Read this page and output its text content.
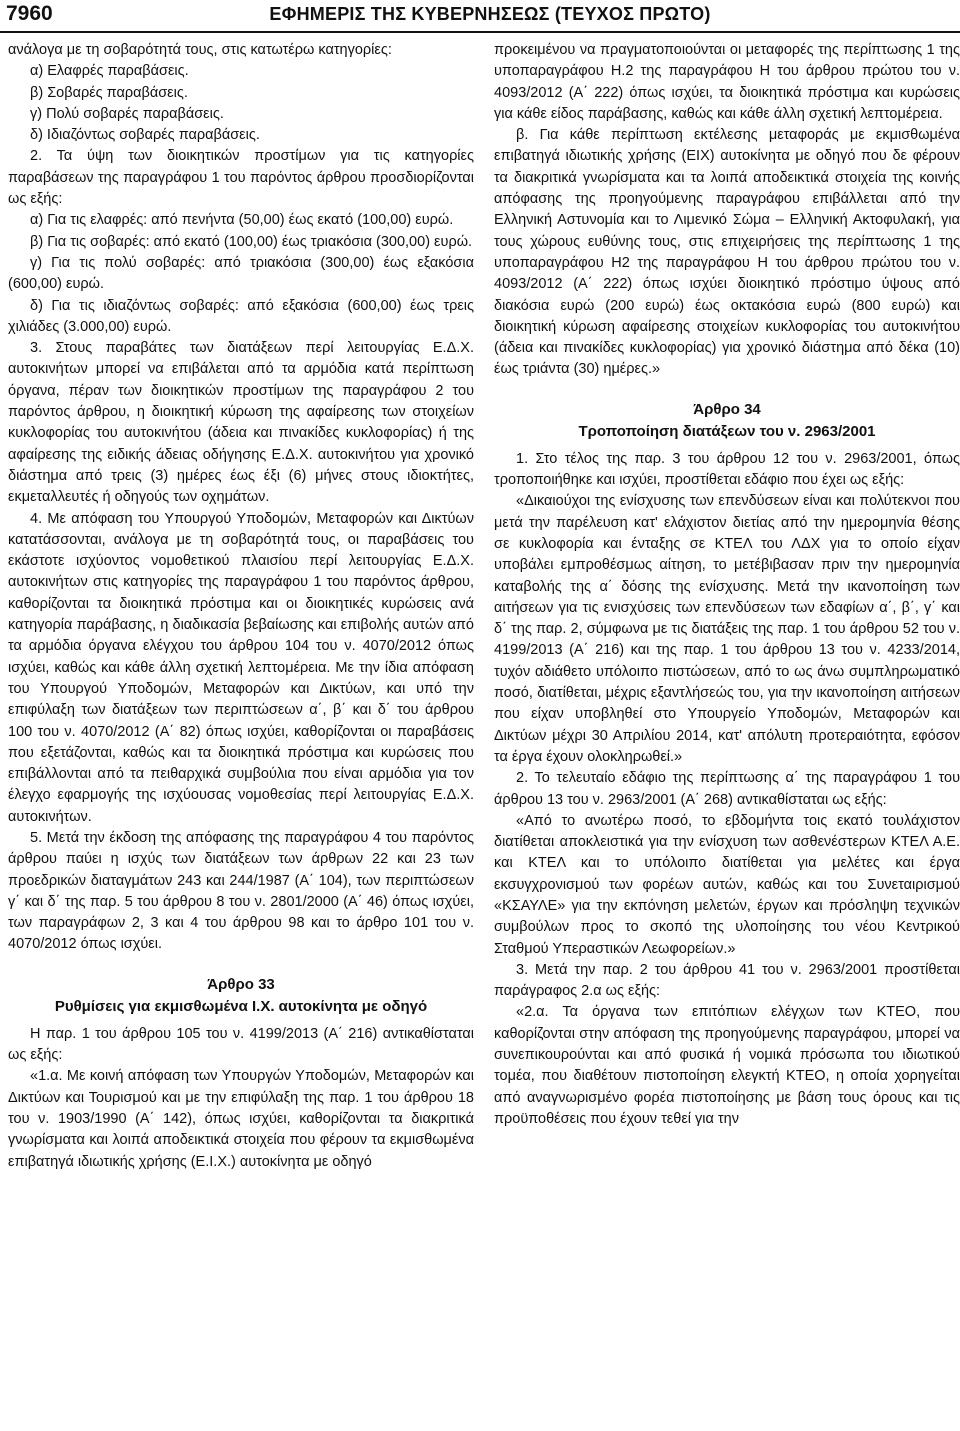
7960	ΕΦΗΜΕΡΙΣ ΤΗΣ ΚΥΒΕΡΝΗΣΕΩΣ (ΤΕΥΧΟΣ ΠΡΩΤΟ)

ανάλογα με τη σοβαρότητά τους, στις κατωτέρω κατηγορίες:

α) Ελαφρές παραβάσεις.

β) Σοβαρές παραβάσεις.

γ) Πολύ σοβαρές παραβάσεις.

δ) Ιδιαζόντως σοβαρές παραβάσεις.

2. Τα ύψη των διοικητικών προστίμων για τις κατηγορίες παραβάσεων της παραγράφου 1 του παρόντος άρθρου προσδιορίζονται ως εξής:

α) Για τις ελαφρές: από πενήντα (50,00) έως εκατό (100,00) ευρώ.

β) Για τις σοβαρές: από εκατό (100,00) έως τριακόσια (300,00) ευρώ.

γ) Για τις πολύ σοβαρές: από τριακόσια (300,00) έως εξακόσια (600,00) ευρώ.

δ) Για τις ιδιαζόντως σοβαρές: από εξακόσια (600,00) έως τρεις χιλιάδες (3.000,00) ευρώ.

3. Στους παραβάτες των διατάξεων περί λειτουργίας Ε.Δ.Χ. αυτοκινήτων μπορεί να επιβάλεται από τα αρμόδια κατά περίπτωση όργανα, πέραν των διοικητικών προστίμων της παραγράφου 2 του παρόντος άρθρου, η διοικητική κύρωση της αφαίρεσης των στοιχείων κυκλοφορίας του αυτοκινήτου (άδεια και πινακίδες κυκλοφορίας) ή της αφαίρεσης της ειδικής άδειας οδήγησης Ε.Δ.Χ. αυτοκινήτου για χρονικό διάστημα από τρεις (3) ημέρες έως έξι (6) μήνες στους ιδιοκτήτες, εκμεταλλευτές ή οδηγούς των οχημάτων.

4. Με απόφαση του Υπουργού Υποδομών, Μεταφορών και Δικτύων κατατάσσονται, ανάλογα με τη σοβαρότητά τους, οι παραβάσεις του εκάστοτε ισχύοντος νομοθετικού πλαισίου περί λειτουργίας Ε.Δ.Χ. αυτοκινήτων στις κατηγορίες της παραγράφου 1 του παρόντος άρθρου, καθορίζονται τα διοικητικά πρόστιμα και οι διοικητικές κυρώσεις ανά κατηγορία παράβασης, η διαδικασία βεβαίωσης και επιβολής αυτών από τα αρμόδια όργανα ελέγχου του άρθρου 104 του ν. 4070/2012 όπως ισχύει, καθώς και κάθε άλλη σχετική λεπτομέρεια. Με την ίδια απόφαση του Υπουργού Υποδομών, Μεταφορών και Δικτύων, και υπό την επιφύλαξη των διατάξεων των περιπτώσεων α΄, β΄ και δ΄ του άρθρου 100 του ν. 4070/2012 (Α΄ 82) όπως ισχύει, καθορίζονται οι παραβάσεις που εξετάζονται, καθώς και τα διοικητικά πρόστιμα και κυρώσεις που επιβάλλονται από τα πειθαρχικά συμβούλια που είναι αρμόδια για τον έλεγχο εφαρμογής της ισχύουσας νομοθεσίας περί λειτουργίας Ε.Δ.Χ. αυτοκινήτων.

5. Μετά την έκδοση της απόφασης της παραγράφου 4 του παρόντος άρθρου παύει η ισχύς των διατάξεων των άρθρων 22 και 23 των προεδρικών διαταγμάτων 243 και 244/1987 (Α΄ 104), των περιπτώσεων γ΄ και δ΄ της παρ. 5 του άρθρου 8 του ν. 2801/2000 (Α΄ 46) όπως ισχύει, των παραγράφων 2, 3 και 4 του άρθρου 98 και το άρθρο 101 του ν. 4070/2012 όπως ισχύει.

Άρθρο 33
Ρυθμίσεις για εκμισθωμένα Ι.Χ. αυτοκίνητα με οδηγό

Η παρ. 1 του άρθρου 105 του ν. 4199/2013 (Α΄ 216) αντικαθίσταται ως εξής:

«1.α. Με κοινή απόφαση των Υπουργών Υποδομών, Μεταφορών και Δικτύων και Τουρισμού και με την επιφύλαξη της παρ. 1 του άρθρου 18 του ν. 1903/1990 (Α΄ 142), όπως ισχύει, καθορίζονται τα διακριτικά γνωρίσματα και λοιπά αποδεικτικά στοιχεία που φέρουν τα εκμισθωμένα επιβατηγά ιδιωτικής χρήσης (Ε.Ι.Χ.) αυτοκίνητα με οδηγό

προκειμένου να πραγματοποιούνται οι μεταφορές της περίπτωσης 1 της υποπαραγράφου Η.2 της παραγράφου Η του άρθρου πρώτου του ν. 4093/2012 (Α΄ 222) όπως ισχύει, τα διοικητικά πρόστιμα και κυρώσεις για κάθε είδος παράβασης, καθώς και κάθε άλλη σχετική λεπτομέρεια.

β. Για κάθε περίπτωση εκτέλεσης μεταφοράς με εκμισθωμένα επιβατηγά ιδιωτικής χρήσης (ΕΙΧ) αυτοκίνητα με οδηγό που δε φέρουν τα διακριτικά γνωρίσματα και τα λοιπά αποδεικτικά στοιχεία της κοινής απόφασης της προηγούμενης παραγράφου επιβάλλεται από την Ελληνική Αστυνομία και το Λιμενικό Σώμα – Ελληνική Ακτοφυλακή, για τους χώρους ευθύνης τους, στις επιχειρήσεις της περίπτωσης 1 της υποπαραγράφου Η2 της παραγράφου Η του άρθρου πρώτου του ν. 4093/2012 (Α΄ 222) όπως ισχύει διοικητικό πρόστιμο ύψους από διακόσια ευρώ (200 ευρώ) έως οκτακόσια ευρώ (800 ευρώ) και διοικητική κύρωση αφαίρεσης στοιχείων κυκλοφορίας του αυτοκινήτου (άδεια και πινακίδες κυκλοφορίας) για χρονικό διάστημα από δέκα (10) έως τριάντα (30) ημέρες.»

Άρθρο 34
Τροποποίηση διατάξεων του ν. 2963/2001

1. Στο τέλος της παρ. 3 του άρθρου 12 του ν. 2963/2001, όπως τροποποιήθηκε και ισχύει, προστίθεται εδάφιο που έχει ως εξής:

«Δικαιούχοι της ενίσχυσης των επενδύσεων είναι και πολύτεκνοι που μετά την παρέλευση κατ' ελάχιστον διετίας από την ημερομηνία θέσης σε κυκλοφορία και ένταξης σε ΚΤΕΛ του ΛΔΧ για το οποίο είχαν υποβάλει εμπροθέσμως αίτηση, το μετέβιβασαν πριν την ημερομηνία καταβολής της α΄ δόσης της ενίσχυσης. Μετά την ικανοποίηση των αιτήσεων για τις ενισχύσεις των επενδύσεων των εδαφίων α΄, β΄, γ΄ και δ΄ της παρ. 2, σύμφωνα με τις διατάξεις της παρ. 1 του άρθρου 52 του ν. 4199/2013 (Α΄ 216) και της παρ. 1 του άρθρου 13 του ν. 4233/2014, τυχόν αδιάθετο υπόλοιπο πιστώσεων, από το ως άνω συμπληρωματικό ποσό, διατίθεται, μέχρις εξαντλήσεώς του, για την ικανοποίηση αιτήσεων που είχαν υποβληθεί στο Υπουργείο Υποδομών, Μεταφορών και Δικτύων μέχρι 30 Απριλίου 2014, κατ' απόλυτη προτεραιότητα, εφόσον τα έργα έχουν ολοκληρωθεί.»

2. Το τελευταίο εδάφιο της περίπτωσης α΄ της παραγράφου 1 του άρθρου 13 του ν. 2963/2001 (Α΄ 268) αντικαθίσταται ως εξής:

«Από το ανωτέρω ποσό, το εβδομήντα τοις εκατό τουλάχιστον διατίθεται αποκλειστικά για την ενίσχυση των ασθενέστερων ΚΤΕΛ Α.Ε. και ΚΤΕΛ και το υπόλοιπο διατίθεται για μελέτες και έργα εκσυγχρονισμού των φορέων αυτών, καθώς και του Συνεταιρισμού «ΚΣΑΥΛΕ» για την εκπόνηση μελετών, έργων και πρόσληψη τεχνικών συμβούλων προς το σκοπό της υλοποίησης του νέου Κεντρικού Σταθμού Υπεραστικών Λεωφορείων.»

3. Μετά την παρ. 2 του άρθρου 41 του ν. 2963/2001 προστίθεται παράγραφος 2.α ως εξής:

«2.α. Τα όργανα των επιτόπιων ελέγχων των ΚΤΕΟ, που καθορίζονται στην απόφαση της προηγούμενης παραγράφου, μπορεί να συνεπικουρούνται και από φυσικά ή νομικά πρόσωπα του ιδιωτικού τομέα, που διαθέτουν πιστοποίηση ελεγκτή ΚΤΕΟ, η οποία χορηγείται από αναγνωρισμένο φορέα πιστοποίησης με βάση τους όρους και τις προϋποθέσεις που έχουν τεθεί για την
